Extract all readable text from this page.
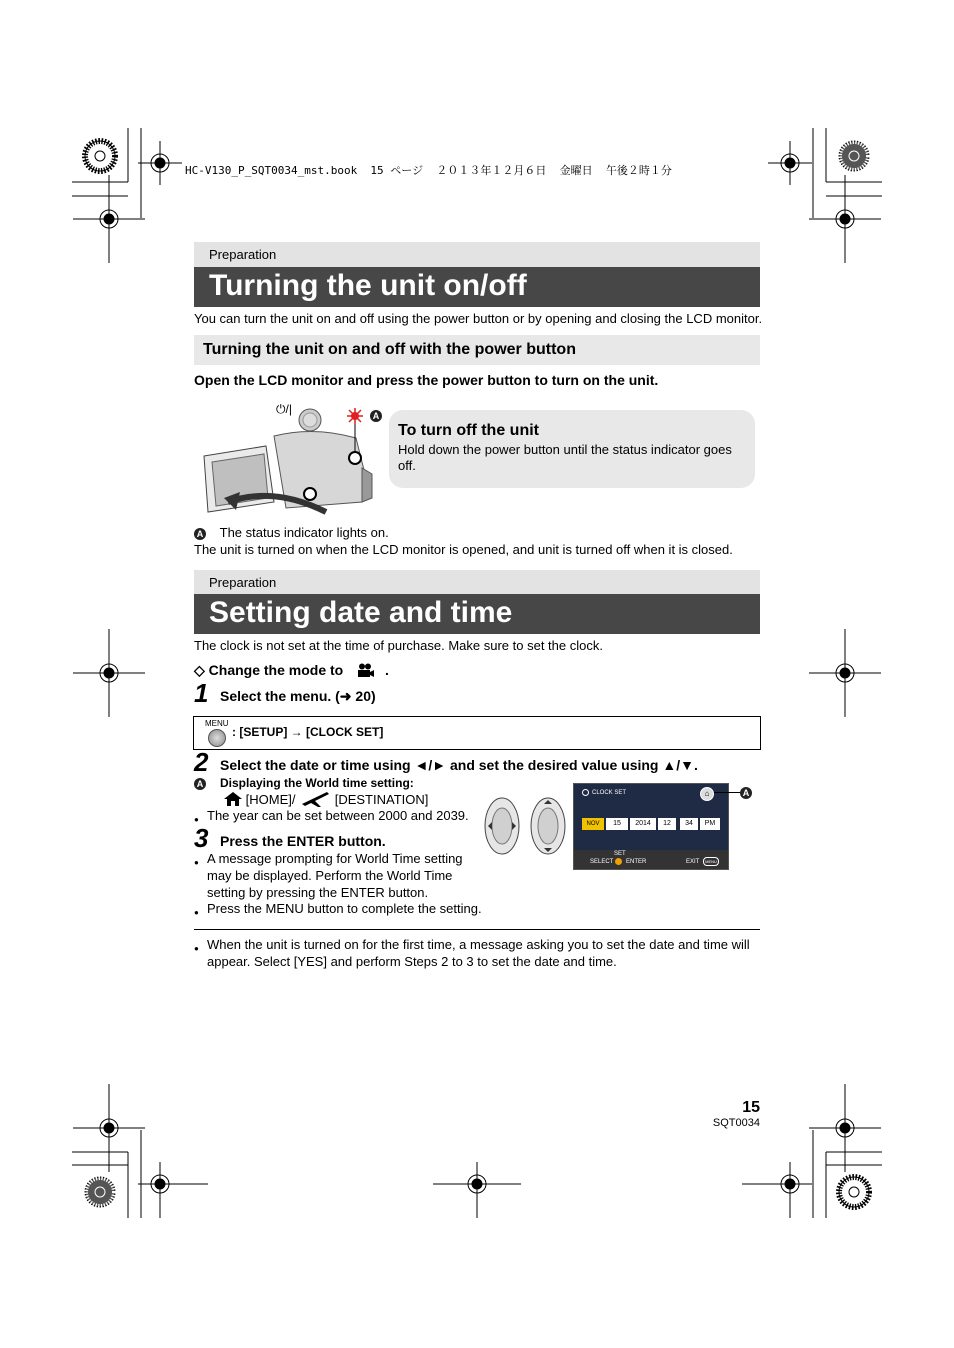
HC-V130_P_SQT0034_mst.book  15 ページ  ２０１３年１２月６日  金曜日  午後２時１分
Preparation
Turning the unit on/off
You can turn the unit on and off using the power button or by opening and closing the LCD monitor.
Turning the unit on and off with the power button
Open the LCD monitor and press the power button to turn on the unit.
⏻/|	A
To turn off the unit
Hold down the power button until the status indicator goes off.
A The status indicator lights on.
The unit is turned on when the LCD monitor is opened, and unit is turned off when it is closed.
Preparation
Setting date and time
The clock is not set at the time of purchase. Make sure to set the clock.
◇ Change the mode to	.
1 Select the menu. (➜ 20)
MENU
: [SETUP] → [CLOCK SET]
2 Select the date or time using ◄/► and set the desired value using ▲/▼.
A Displaying the World time setting:
[HOME]/	[DESTINATION]
● The year can be set between 2000 and 2039.
3 Press the ENTER button.
● A message prompting for World Time setting may be displayed. Perform the World Time setting by pressing the ENTER button.
● Press the MENU button to complete the setting.
CLOCK SET	⌂
NOV	15	2014	12	34	PM
SET
SELECT ENTER	EXIT	MENU
A
● When the unit is turned on for the first time, a message asking you to set the date and time will appear. Select [YES] and perform Steps 2 to 3 to set the date and time.
15
SQT0034
